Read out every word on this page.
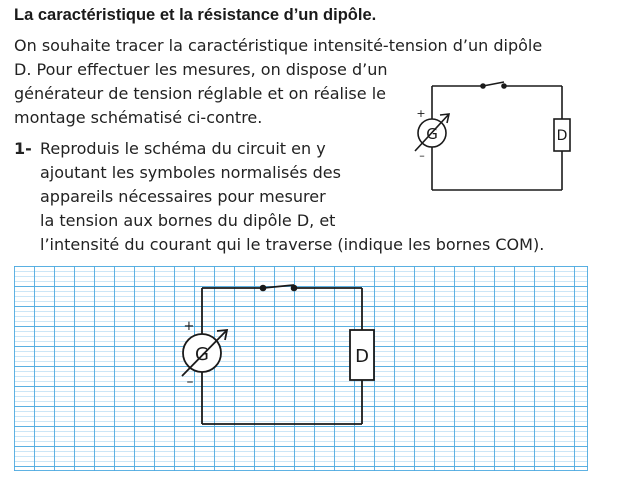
La caractéristique et la résistance d’un dipôle.
On souhaite tracer la caractéristique intensité-tension d’un dipôle
D. Pour effectuer les mesures, on dispose d’un
générateur de tension réglable et on réalise le
montage schématisé ci-contre.
1- Reproduis le schéma du circuit en y
ajoutant les symboles normalisés des
appareils nécessaires pour mesurer
la tension aux bornes du dipôle D, et
l’intensité du courant qui le traverse (indique les bornes COM).
G	D
+
–
G	D
+
–
